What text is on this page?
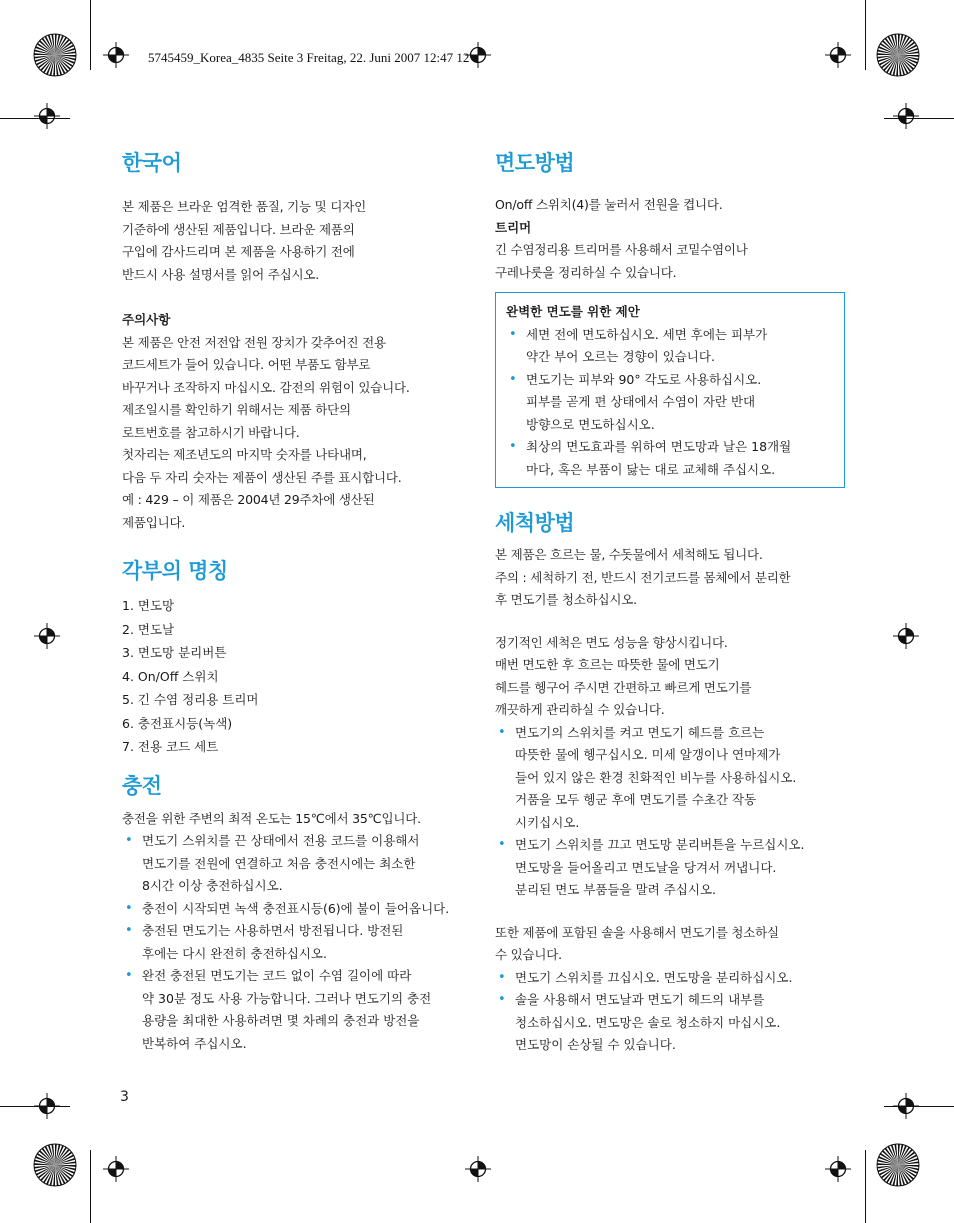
5745459_Korea_4835 Seite 3 Freitag, 22. Juni 2007 12:47 12
한국어
본 제품은 브라운 엄격한 품질, 기능 및 디자인
기준하에 생산된 제품입니다. 브라운 제품의
구입에 감사드리며 본 제품을 사용하기 전에
반드시 사용 설명서를 읽어 주십시오.
주의사항
본 제품은 안전 저전압 전원 장치가 갖추어진 전용
코드세트가 들어 있습니다. 어떤 부품도 함부로
바꾸거나 조작하지 마십시오. 감전의 위험이 있습니다.
제조일시를 확인하기 위해서는 제품 하단의
로트번호를 참고하시기 바랍니다.
첫자리는 제조년도의 마지막 숫자를 나타내며,
다음 두 자리 숫자는 제품이 생산된 주를 표시합니다.
예 : 429 – 이 제품은 2004년 29주차에 생산된
제품입니다.
각부의 명칭
1. 면도망
2. 면도날
3. 면도망 분리버튼
4. On/Off 스위치
5. 긴 수염 정리용 트리머
6. 충전표시등(녹색)
7. 전용 코드 세트
충전
충전을 위한 주변의 최적 온도는 15℃에서 35℃입니다.
• 면도기 스위치를 끈 상태에서 전용 코드를 이용해서
면도기를 전원에 연결하고 처음 충전시에는 최소한
8시간 이상 충전하십시오.
• 충전이 시작되면 녹색 충전표시등(6)에 불이 들어옵니다.
• 충전된 면도기는 사용하면서 방전됩니다. 방전된
후에는 다시 완전히 충전하십시오.
• 완전 충전된 면도기는 코드 없이 수염 길이에 따라
약 30분 정도 사용 가능합니다. 그러나 면도기의 충전
용량을 최대한 사용하려면 몇 차례의 충전과 방전을
반복하여 주십시오.
면도방법
On/off 스위치(4)를 눌러서 전원을 켭니다.
트리머
긴 수염정리용 트리머를 사용해서 코밑수염이나
구레나룻을 정리하실 수 있습니다.
완벽한 면도를 위한 제안
• 세면 전에 면도하십시오. 세면 후에는 피부가
약간 부어 오르는 경향이 있습니다.
• 면도기는 피부와 90° 각도로 사용하십시오.
피부를 곧게 편 상태에서 수염이 자란 반대
방향으로 면도하십시오.
• 최상의 면도효과를 위하여 면도망과 날은 18개월
마다, 혹은 부품이 닳는 대로 교체해 주십시오.
세척방법
본 제품은 흐르는 물, 수돗물에서 세척해도 됩니다.
주의 : 세척하기 전, 반드시 전기코드를 몸체에서 분리한
후 면도기를 청소하십시오.
정기적인 세척은 면도 성능을 향상시킵니다.
매번 면도한 후 흐르는 따뜻한 물에 면도기
헤드를 헹구어 주시면 간편하고 빠르게 면도기를
깨끗하게 관리하실 수 있습니다.
• 면도기의 스위치를 켜고 면도기 헤드를 흐르는
따뜻한 물에 헹구십시오. 미세 알갱이나 연마제가
들어 있지 않은 환경 친화적인 비누를 사용하십시오.
거품을 모두 헹군 후에 면도기를 수초간 작동
시키십시오.
• 면도기 스위치를 끄고 면도망 분리버튼을 누르십시오.
면도망을 들어올리고 면도날을 당겨서 꺼냅니다.
분리된 면도 부품들을 말려 주십시오.
또한 제품에 포함된 솔을 사용해서 면도기를 청소하실
수 있습니다.
• 면도기 스위치를 끄십시오. 면도망을 분리하십시오.
• 솔을 사용해서 면도날과 면도기 헤드의 내부를
청소하십시오. 면도망은 솔로 청소하지 마십시오.
면도망이 손상될 수 있습니다.
3
